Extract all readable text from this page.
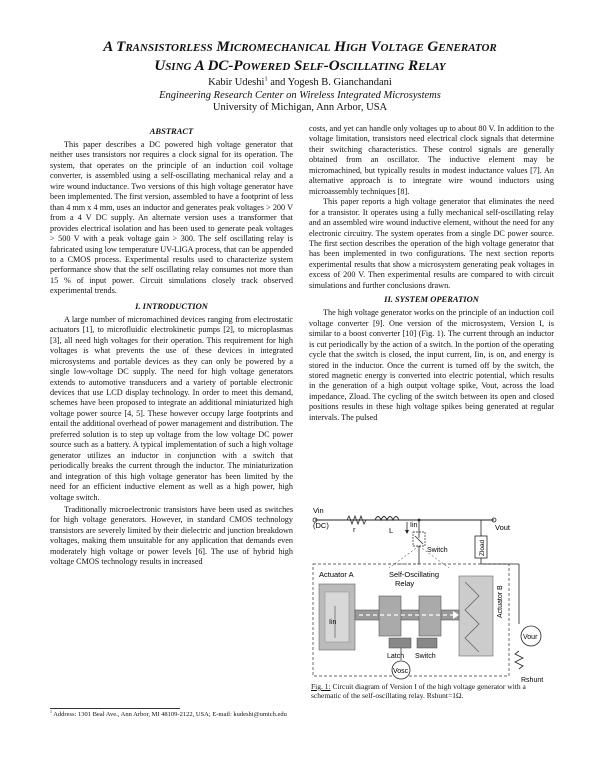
A Transistorless Micromechanical High Voltage Generator
Using A DC-Powered Self-Oscillating Relay
Kabir Udeshi$^1$ and Yogesh B. Gianchandani
Engineering Research Center on Wireless Integrated Microsystems
University of Michigan, Ann Arbor, USA
ABSTRACT

This paper describes a DC powered high voltage generator that neither uses transistors nor requires a clock signal for its operation. The system, that operates on the principle of an induction coil voltage converter, is assembled using a self-oscillating mechanical relay and a wire wound inductance. Two versions of this high voltage generator have been implemented. The first version, assembled to have a footprint of less than 4 mm x 4 mm, uses an inductor and generates peak voltages > 200 V from a 4 V DC supply. An alternate version uses a transformer that provides electrical isolation and has been used to generate peak voltages > 500 V with a peak voltage gain > 300. The self oscillating relay is fabricated using low temperature UV-LIGA process, that can be appended to a CMOS process. Experimental results used to characterize system performance show that the self oscillating relay consumes not more than 15 % of input power. Circuit simulations closely track observed experimental trends.

I. INTRODUCTION

A large number of micromachined devices ranging from electrostatic actuators [1], to microfluidic electrokinetic pumps [2], to microplasmas [3], all need high voltages for their operation. This requirement for high voltages is what prevents the use of these devices in integrated microsystems and portable devices as they can only be powered by a single low-voltage DC supply. The need for high voltage generators extends to automotive transducers and a variety of portable electronic devices that use LCD display technology. In order to meet this demand, schemes have been proposed to integrate an additional miniaturized high voltage power source [4, 5]. These however occupy large footprints and entail the additional overhead of power management and distribution. The preferred solution is to step up voltage from the low voltage DC power source such as a battery. A typical implementation of such a high voltage generator utilizes an inductor in conjunction with a switch that periodically breaks the current through the inductor. The miniaturization and integration of this high voltage generator has been limited by the need for an efficient inductive element as well as a high power, high voltage switch.

Traditionally microelectronic transistors have been used as switches for high voltage generators. However, in standard CMOS technology transistors are severely limited by their dielectric and junction breakdown voltages, making them unsuitable for any application that demands even moderately high voltage or power levels [6]. The use of hybrid high voltage CMOS technology results in increased

costs, and yet can handle only voltages up to about 80 V. In addition to the voltage limitation, transistors need electrical clock signals that determine their switching characteristics. These control signals are generally obtained from an oscillator. The inductive element may be micromachined, but typically results in modest inductance values [7]. An alternative approach is to integrate wire wound inductors using microassembly techniques [8].

This paper reports a high voltage generator that eliminates the need for a transistor. It operates using a fully mechanical self-oscillating relay and an assembled wire wound inductive element, without the need for any electronic circuitry. The system operates from a single DC power source. The first section describes the operation of the high voltage generator that has been implemented in two configurations. The next section reports experimental results that show a microsystem generating peak voltages in excess of 200 V. Then experimental results are compared to with circuit simulations and further conclusions drawn.

II. SYSTEM OPERATION

The high voltage generator works on the principle of an induction coil voltage converter [9]. One version of the microsystem, Version I, is similar to a boost converter [10] (Fig. 1). The current through an inductor is cut periodically by the action of a switch. In the portion of the operating cycle that the switch is closed, the input current, Iin, is on, and energy is stored in the inductor. Once the current is turned off by the switch, the stored magnetic energy is converted into electric potential, which results in the generation of a high output voltage spike, Vout, across the load impedance, Zload. The cycling of the switch between its open and closed positions results in these high voltage spikes being generated at regular intervals. The pulsed

Vin
(DC)	r	L
Iin	Vout
Zload
Switch
Actuator A	Self-Oscillating
Relay
Iin
Actuator B
Latch Switch
Vosc
Vour
Rshunt
Fig. 1: Circuit diagram of Version I of the high voltage generator with a schematic of the self-oscillating relay. Rshunt=1Ω.
$^1$ Address: 1301 Beal Ave., Ann Arbor, MI 48109-2122, USA; E-mail: kudeshi@umich.edu
